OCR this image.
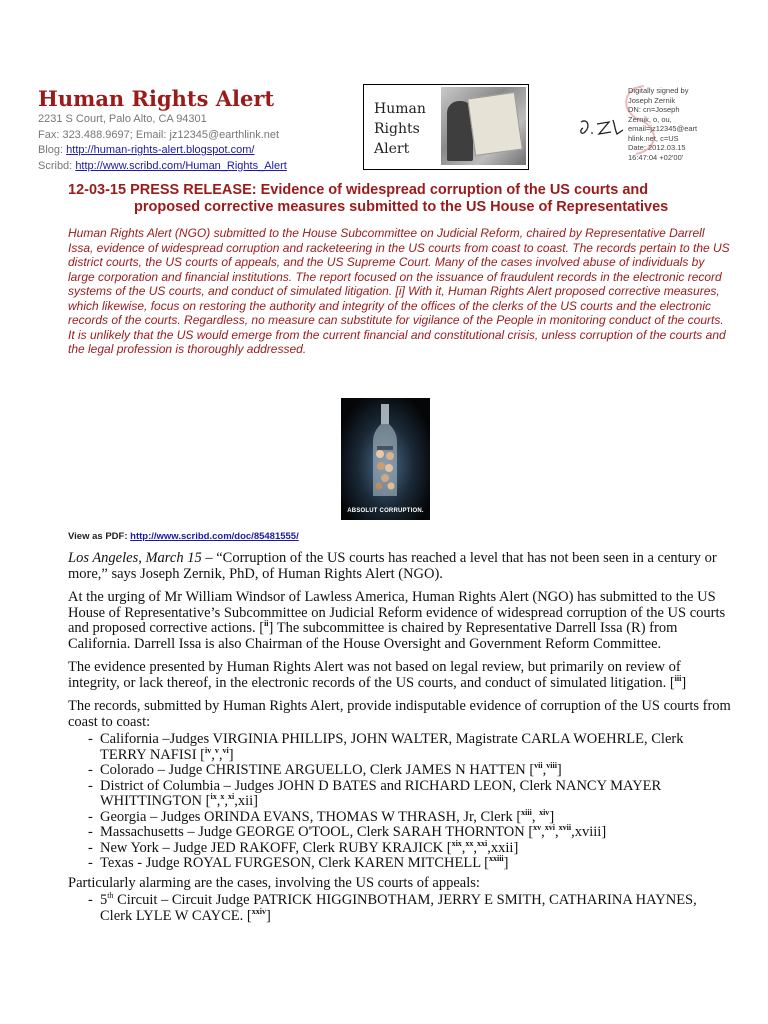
Human Rights Alert
2231 S Court, Palo Alto, CA 94301
Fax: 323.488.9697; Email: jz12345@earthlink.net
Blog: http://human-rights-alert.blogspot.com/
Scribd: http://www.scribd.com/Human_Rights_Alert
Human
Rights
Alert
Digitally signed by
Joseph Zernik
DN: cn=Joseph
Zernik, o, ou,
email=jz12345@eart
hlink.net, c=US
Date: 2012.03.15
16:47:04 +02'00'
12-03-15 PRESS RELEASE: Evidence of widespread corruption of the US courts and
proposed corrective measures submitted to the US House of Representatives
Human Rights Alert (NGO) submitted to the House Subcommittee on Judicial Reform, chaired by Representative Darrell Issa, evidence of widespread corruption and racketeering in the US courts from coast to coast. The records pertain to the US district courts, the US courts of appeals, and the US Supreme Court. Many of the cases involved abuse of individuals by large corporation and financial institutions. The report focused on the issuance of fraudulent records in the electronic record systems of the US courts, and conduct of simulated litigation. [i] With it, Human Rights Alert proposed corrective measures, which likewise, focus on restoring the authority and integrity of the offices of the clerks of the US courts and the electronic records of the courts. Regardless, no measure can substitute for vigilance of the People in monitoring conduct of the courts. It is unlikely that the US would emerge from the current financial and constitutional crisis, unless corruption of the courts and the legal profession is thoroughly addressed.
ABSOLUT CORRUPTION.
View as PDF: http://www.scribd.com/doc/85481555/

Los Angeles, March 15 – “Corruption of the US courts has reached a level that has not been seen in a century or more,” says Joseph Zernik, PhD, of Human Rights Alert (NGO).

At the urging of Mr William Windsor of Lawless America, Human Rights Alert (NGO) has submitted to the US House of Representative’s Subcommittee on Judicial Reform evidence of widespread corruption of the US courts and proposed corrective actions. [$^{ii}$] The subcommittee is chaired by Representative Darrell Issa (R) from California. Darrell Issa is also Chairman of the House Oversight and Government Reform Committee.

The evidence presented by Human Rights Alert was not based on legal review, but primarily on review of integrity, or lack thereof, in the electronic records of the US courts, and conduct of simulated litigation. [$^{iii}$]

The records, submitted by Human Rights Alert, provide indisputable evidence of corruption of the US courts from coast to coast:

- California –Judges VIRGINIA PHILLIPS, JOHN WALTER, Magistrate CARLA WOEHRLE, Clerk TERRY NAFISI [$^{iv}$,$^v$,$^{vi}$]
- Colorado – Judge CHRISTINE ARGUELLO, Clerk JAMES N HATTEN [$^{vii}$,$^{viii}$]
- District of Columbia – Judges JOHN D BATES and RICHARD LEON, Clerk NANCY MAYER WHITTINGTON [$^{ix}$,$^x$,$^{xi}$,xii]
- Georgia – Judges ORINDA EVANS, THOMAS W THRASH, Jr, Clerk [$^{xiii}$, $^{xiv}$]
- Massachusetts – Judge GEORGE O'TOOL, Clerk SARAH THORNTON [$^{xv}$,$^{xvi}$,$^{xvii}$,xviii]
- New York – Judge JED RAKOFF, Clerk RUBY KRAJICK [$^{xix}$,$^{xx}$,$^{xxi}$,xxii]
- Texas - Judge ROYAL FURGESON, Clerk KAREN MITCHELL [$^{xxiii}$]

Particularly alarming are the cases, involving the US courts of appeals:

- 5th Circuit – Circuit Judge PATRICK HIGGINBOTHAM, JERRY E SMITH, CATHARINA HAYNES, Clerk LYLE W CAYCE. [$^{xxiv}$]
